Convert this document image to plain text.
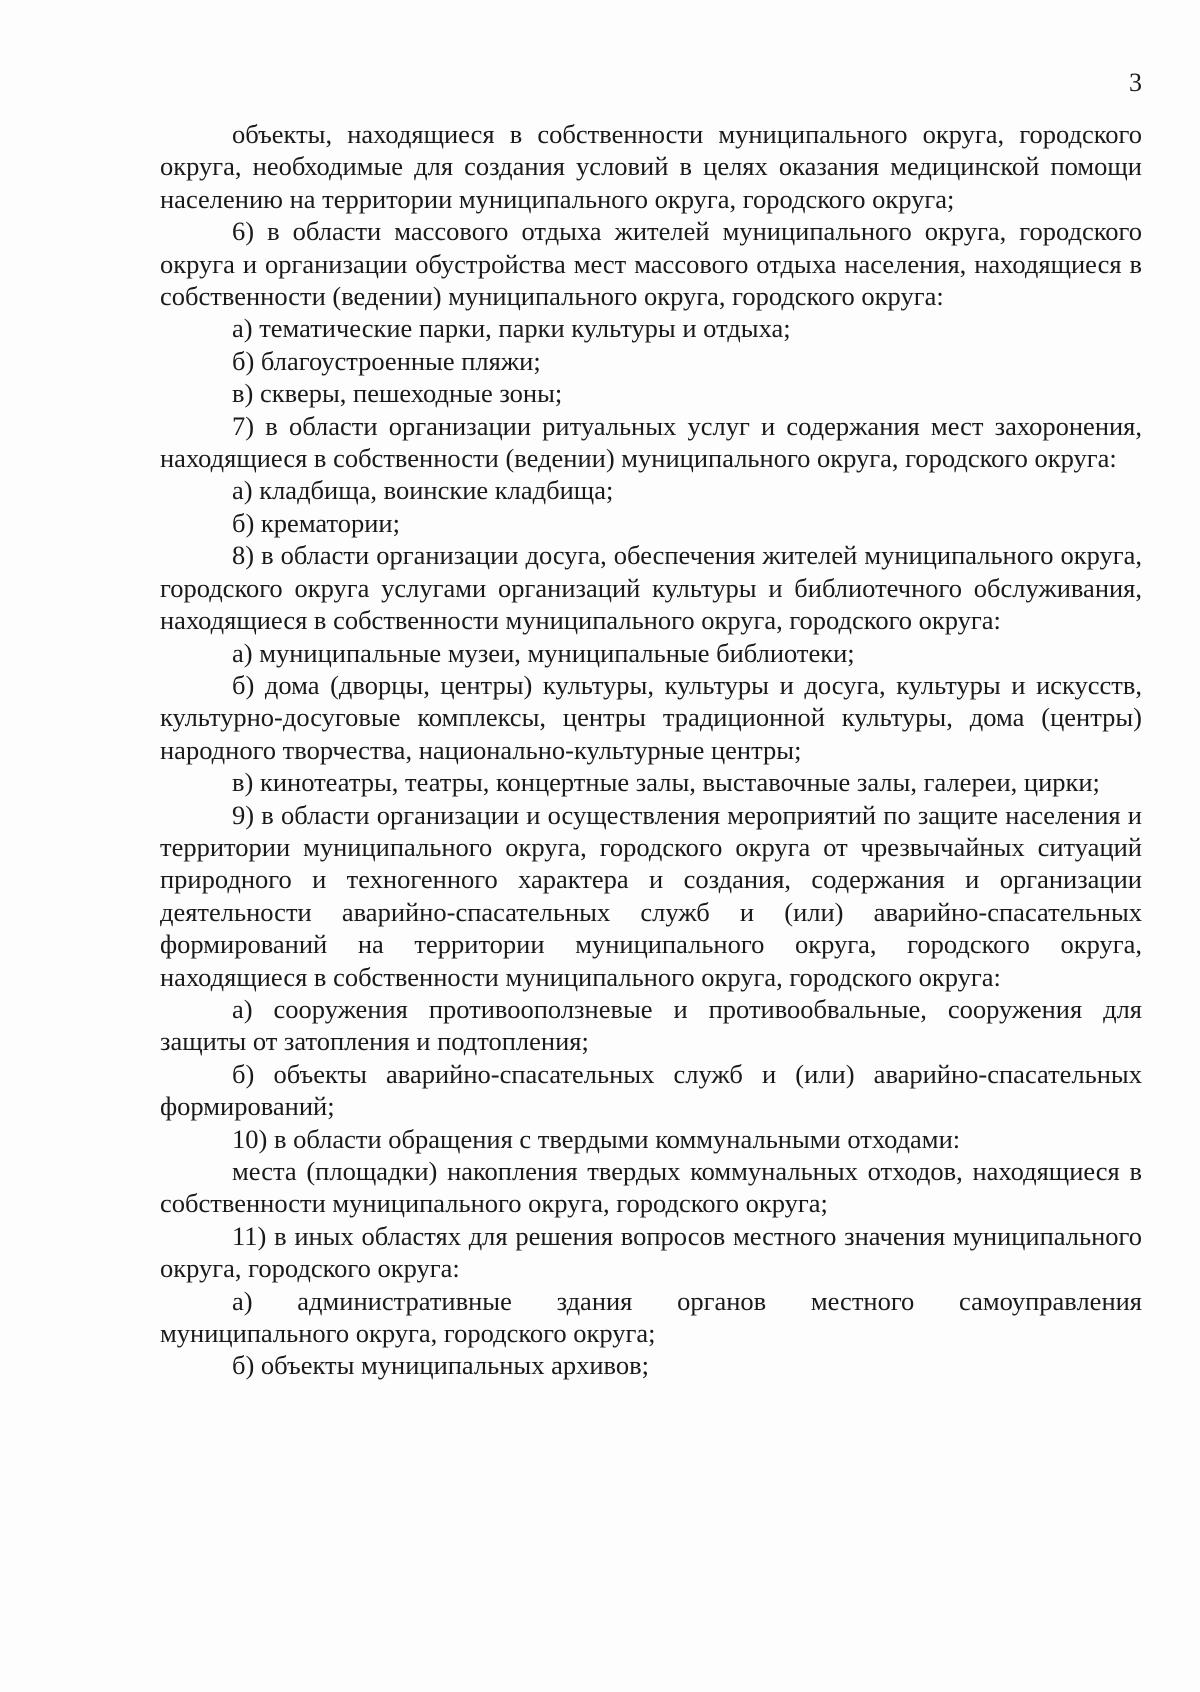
3

объекты, находящиеся в собственности муниципального округа, городского округа, необходимые для создания условий в целях оказания медицинской помощи населению на территории муниципального округа, городского округа;

6) в области массового отдыха жителей муниципального округа, городского округа и организации обустройства мест массового отдыха населения, находящиеся в собственности (ведении) муниципального округа, городского округа:

а) тематические парки, парки культуры и отдыха;

б) благоустроенные пляжи;

в) скверы, пешеходные зоны;

7) в области организации ритуальных услуг и содержания мест захоронения, находящиеся в собственности (ведении) муниципального округа, городского округа:

а) кладбища, воинские кладбища;

б) крематории;

8) в области организации досуга, обеспечения жителей муниципального округа, городского округа услугами организаций культуры и библиотечного обслуживания, находящиеся в собственности муниципального округа, городского округа:

а) муниципальные музеи, муниципальные библиотеки;

б) дома (дворцы, центры) культуры, культуры и досуга, культуры и искусств, культурно-досуговые комплексы, центры традиционной культуры, дома (центры) народного творчества, национально-культурные центры;

в) кинотеатры, театры, концертные залы, выставочные залы, галереи, цирки;

9) в области организации и осуществления мероприятий по защите населения и территории муниципального округа, городского округа от чрезвычайных ситуаций природного и техногенного характера и создания, содержания и организации деятельности аварийно-спасательных служб и (или) аварийно-спасательных формирований на территории муниципального округа, городского округа, находящиеся в собственности муниципального округа, городского округа:

а) сооружения противооползневые и противообвальные, сооружения для защиты от затопления и подтопления;

б) объекты аварийно-спасательных служб и (или) аварийно-спасательных формирований;

10) в области обращения с твердыми коммунальными отходами:

места (площадки) накопления твердых коммунальных отходов, находящиеся в собственности муниципального округа, городского округа;

11) в иных областях для решения вопросов местного значения муниципального округа, городского округа:

а) административные здания органов местного самоуправления муниципального округа, городского округа;

б) объекты муниципальных архивов;
